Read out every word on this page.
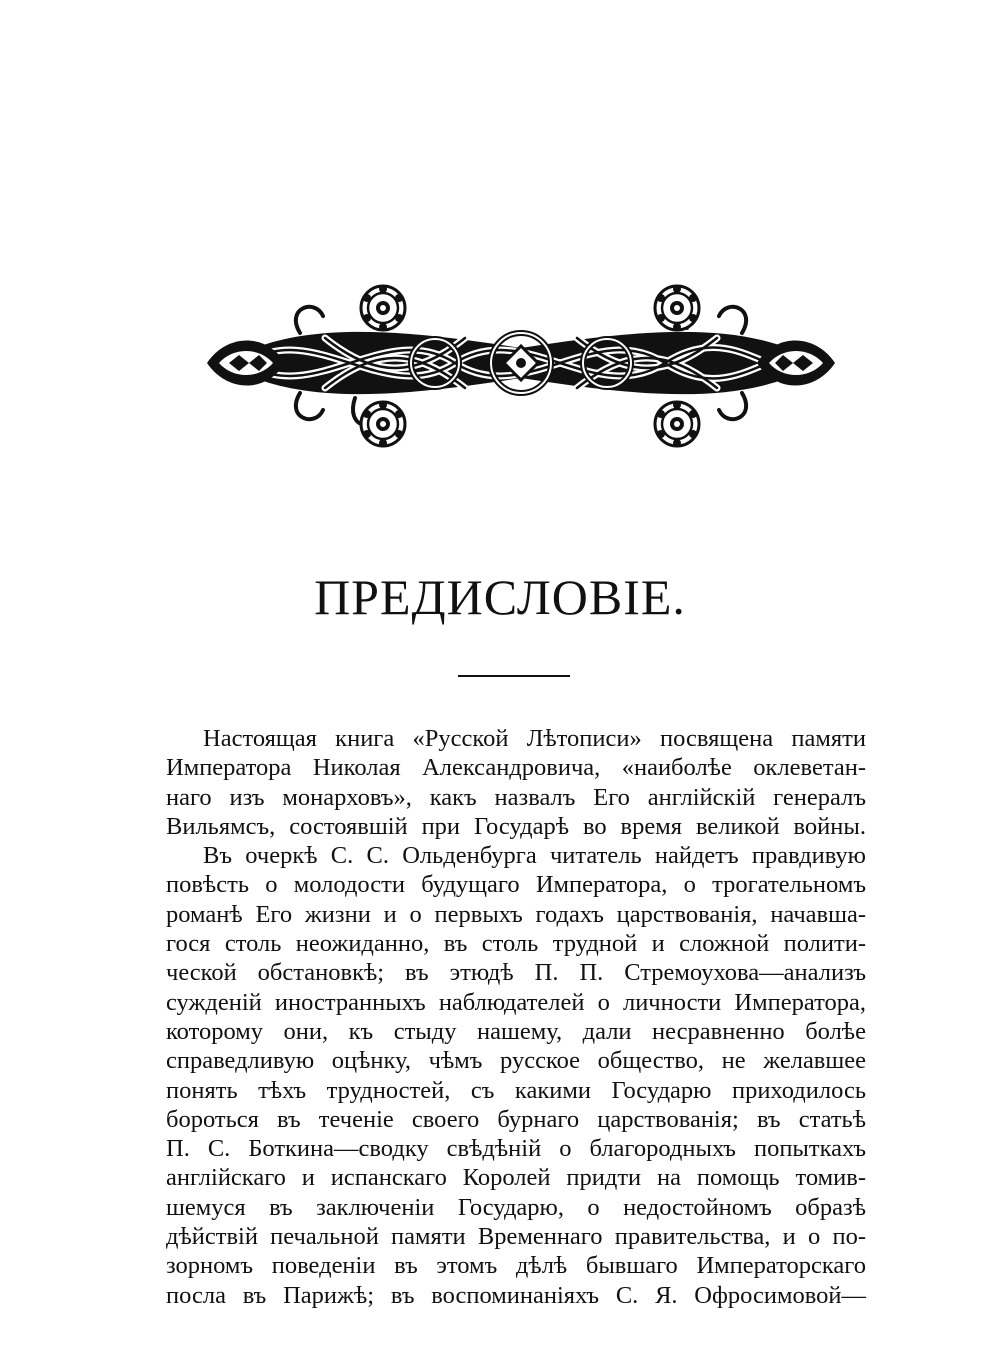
ПРЕДИСЛОВІЕ.
Настоящая книга «Русской Лѣтописи» посвящена памяти
Императора Николая Александровича, «наиболѣе оклеветан-
наго изъ монарховъ», какъ назвалъ Его англійскій генералъ
Вильямсъ, состоявшій при Государѣ во время великой войны.
Въ очеркѣ С. С. Ольденбурга читатель найдетъ правдивую
повѣсть о молодости будущаго Императора, о трогательномъ
романѣ Его жизни и о первыхъ годахъ царствованія, начавша-
гося столь неожиданно, въ столь трудной и сложной полити-
ческой обстановкѣ; въ этюдѣ П. П. Стремоухова—анализъ
сужденій иностранныхъ наблюдателей о личности Императора,
которому они, къ стыду нашему, дали несравненно болѣе
справедливую оцѣнку, чѣмъ русское общество, не желавшее
понять тѣхъ трудностей, съ какими Государю приходилось
бороться въ теченіе своего бурнаго царствованія; въ статьѣ
П. С. Боткина—сводку свѣдѣній о благородныхъ попыткахъ
англійскаго и испанскаго Королей придти на помощь томив-
шемуся въ заключеніи Государю, о недостойномъ образѣ
дѣйствій печальной памяти Временнаго правительства, и о по-
зорномъ поведеніи въ этомъ дѣлѣ бывшаго Императорскаго
посла въ Парижѣ; въ воспоминаніяхъ С. Я. Офросимовой—
